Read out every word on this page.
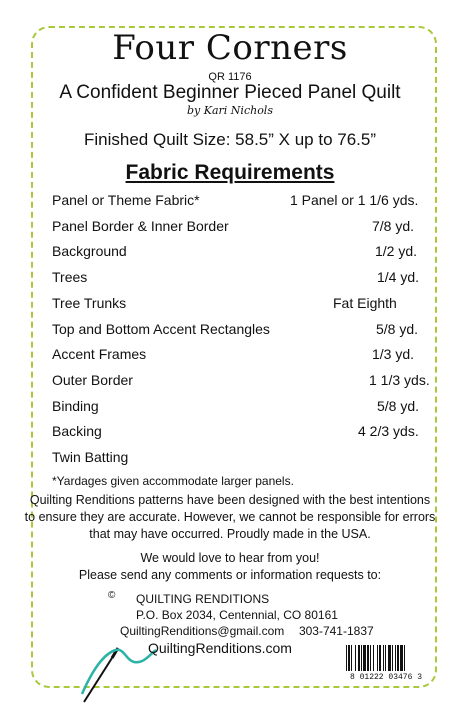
Four Corners
QR 1176
A Confident Beginner Pieced Panel Quilt
by Kari Nichols
Finished Quilt Size: 58.5” X up to 76.5”
Fabric Requirements
Panel or Theme Fabric*	1 Panel or 1 1/6 yds.
Panel Border & Inner Border	7/8 yd.
Background	1/2 yd.
Trees	1/4 yd.
Tree Trunks	Fat Eighth
Top and Bottom Accent Rectangles	5/8 yd.
Accent Frames	1/3 yd.
Outer Border	1 1/3 yds.
Binding	5/8 yd.
Backing	4 2/3 yds.
Twin Batting
*Yardages given accommodate larger panels.
Quilting Renditions patterns have been designed with the best intentions
to ensure they are accurate. However, we cannot be responsible for errors
that may have occurred. Proudly made in the USA.
We would love to hear from you!
Please send any comments or information requests to:
© QUILTING RENDITIONS
P.O. Box 2034, Centennial, CO 80161
QuiltingRenditions@gmail.com 303-741-1837
QuiltingRenditions.com
8 01222 03476 3
